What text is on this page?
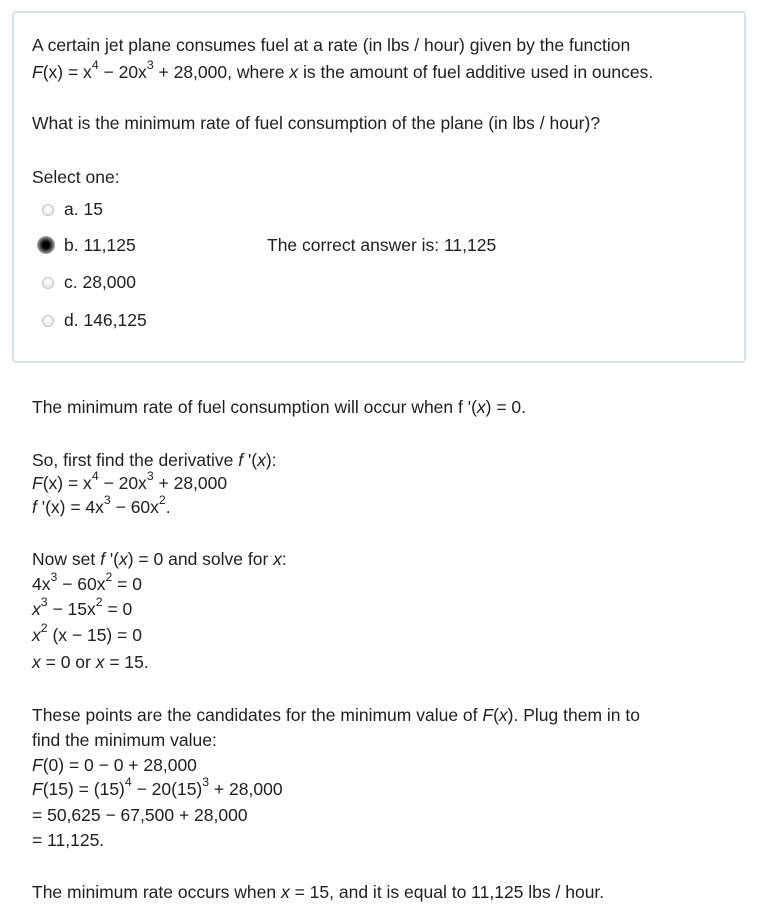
A certain jet plane consumes fuel at a rate (in lbs / hour) given by the function
$F(x) = x^4 - 20x^3 + 28,000$, where x is the amount of fuel additive used in ounces.
What is the minimum rate of fuel consumption of the plane (in lbs / hour)?
Select one:
a. 15
b. 11,125
c. 28,000
d. 146,125
The correct answer is: 11,125
The minimum rate of fuel consumption will occur when f '(x) = 0.
So, first find the derivative f '(x):
$F(x) = x^4 - 20x^3 + 28,000$
f '$(x) = 4x^3 - 60x^2$.
Now set f '(x) = 0 and solve for x:
$4x^3 - 60x^2 = 0$
$x^3 - 15x^2 = 0$
$x^2$ (x − 15) = 0
x = 0 or x = 15.
These points are the candidates for the minimum value of F(x). Plug them in to
find the minimum value:
F(0) = 0 − 0 + 28,000
$F(15) = (15)^4 - 20(15)^3 + 28,000$
= 50,625 − 67,500 + 28,000
= 11,125.
The minimum rate occurs when x = 15, and it is equal to 11,125 lbs / hour.
